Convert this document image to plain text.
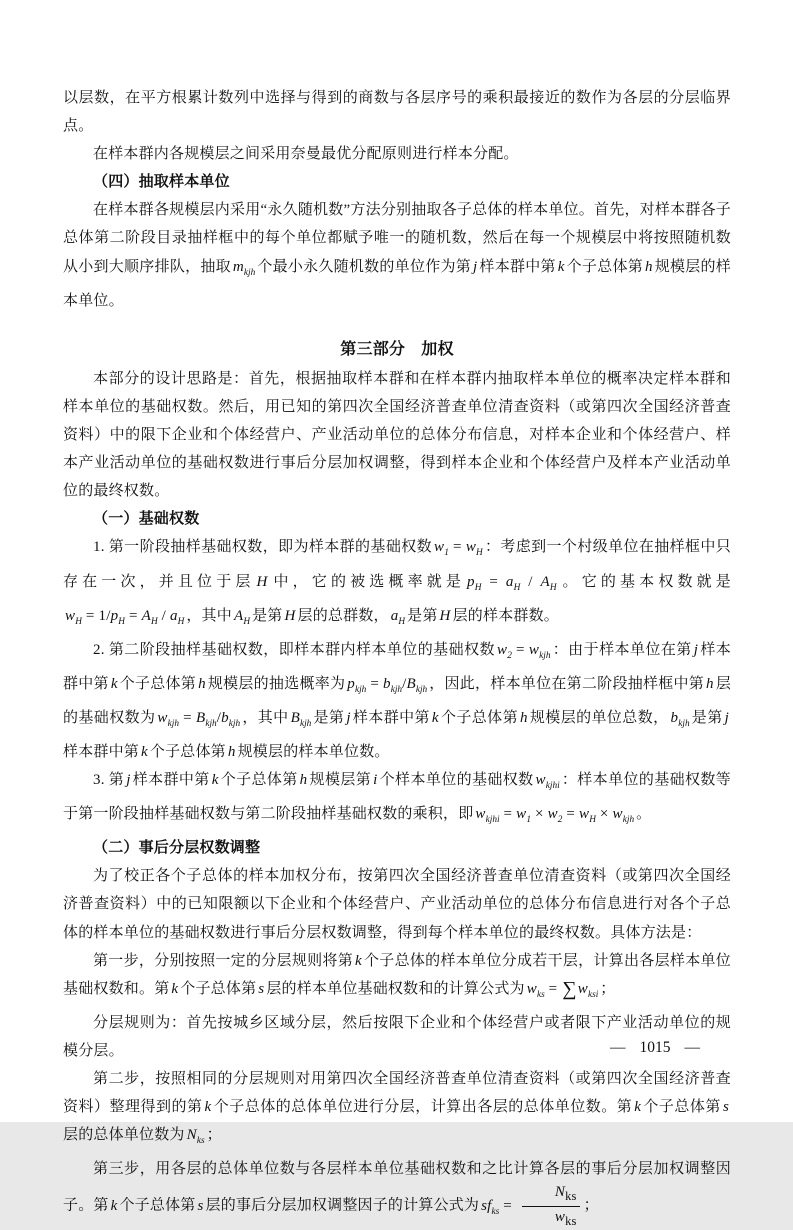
以层数，在平方根累计数列中选择与得到的商数与各层序号的乘积最接近的数作为各层的分层临界点。

在样本群内各规模层之间采用奈曼最优分配原则进行样本分配。

（四）抽取样本单位

在样本群各规模层内采用“永久随机数”方法分别抽取各子总体的样本单位。首先，对样本群各子总体第二阶段目录抽样框中的每个单位都赋予唯一的随机数，然后在每一个规模层中将按照随机数从小到大顺序排队，抽取 $m_{kjh}$ 个最小永久随机数的单位作为第 j 样本群中第 k 个子总体第 h 规模层的样本单位。

第三部分　加权

本部分的设计思路是：首先，根据抽取样本群和在样本群内抽取样本单位的概率决定样本群和样本单位的基础权数。然后，用已知的第四次全国经济普查单位清查资料（或第四次全国经济普查资料）中的限下企业和个体经营户、产业活动单位的总体分布信息，对样本企业和个体经营户、样本产业活动单位的基础权数进行事后分层加权调整，得到样本企业和个体经营户及样本产业活动单位的最终权数。

（一）基础权数

1. 第一阶段抽样基础权数，即为样本群的基础权数 $w_1 = w_H$ ：考虑到一个村级单位在抽样框中只存在一次，并且位于层 H 中，它的被选概率就是 $p_H = a_H / A_H$ 。它的基本权数就是$w_H = 1/p_H = A_H / a_H$ ，其中 $A_H$ 是第 H 层的总群数， $a_H$ 是第 H 层的样本群数。

2. 第二阶段抽样基础权数，即样本群内样本单位的基础权数 $w_2 = w_{kjh}$ ：由于样本单位在第 j 样本群中第 k 个子总体第 h 规模层的抽选概率为 $p_{kjh} = b_{kjh}/B_{kjh}$ ，因此，样本单位在第二阶段抽样框中第 h 层的基础权数为 $w_{kjh} = B_{kjh}/b_{kjh}$ ，其中 $B_{kjh}$ 是第 j 样本群中第 k 个子总体第 h 规模层的单位总数， $b_{kjh}$ 是第 j样本群中第 k 个子总体第 h 规模层的样本单位数。

3. 第 j 样本群中第 k 个子总体第 h 规模层第 i 个样本单位的基础权数 $w_{kjhi}$ ：样本单位的基础权数等于第一阶段抽样基础权数与第二阶段抽样基础权数的乘积，即 $w_{kjhi} = w_1 \times w_2 = w_H \times w_{kjh}$ 。

（二）事后分层权数调整

为了校正各个子总体的样本加权分布，按第四次全国经济普查单位清查资料（或第四次全国经济普查资料）中的已知限额以下企业和个体经营户、产业活动单位的总体分布信息进行对各个子总体的样本单位的基础权数进行事后分层权数调整，得到每个样本单位的最终权数。具体方法是：

第一步，分别按照一定的分层规则将第 k 个子总体的样本单位分成若干层，计算出各层样本单位基础权数和。第 k 个子总体第 s 层的样本单位基础权数和的计算公式为 $w_{ks} = \sum w_{ksi}$ ；

分层规则为：首先按城乡区域分层，然后按限下企业和个体经营户或者限下产业活动单位的规模分层。

第二步，按照相同的分层规则对用第四次全国经济普查单位清查资料（或第四次全国经济普查资料）整理得到的第 k 个子总体的总体单位进行分层，计算出各层的总体单位数。第 k 个子总体第 s层的总体单位数为 $N_{ks}$ ；

第三步，用各层的总体单位数与各层样本单位基础权数和之比计算各层的事后分层加权调整因子。第 k 个子总体第 s 层的事后分层加权调整因子的计算公式为 $sf_{ks} = \frac{N_{ks}}{w_{ks}}$ ；

— 1015 —
